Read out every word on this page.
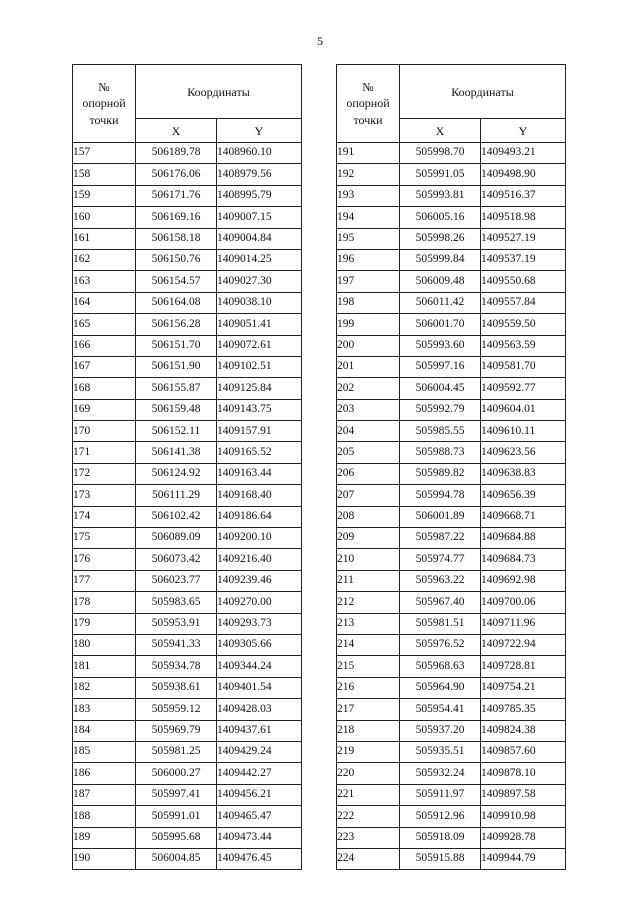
5
№
опорной
точки	Координаты	
	X	Y
157	506189.78	1408960.10
158	506176.06	1408979.56
159	506171.76	1408995.79
160	506169.16	1409007.15
161	506158.18	1409004.84
162	506150.76	1409014.25
163	506154.57	1409027.30
164	506164.08	1409038.10
165	506156.28	1409051.41
166	506151.70	1409072.61
167	506151.90	1409102.51
168	506155.87	1409125.84
169	506159.48	1409143.75
170	506152.11	1409157.91
171	506141.38	1409165.52
172	506124.92	1409163.44
173	506111.29	1409168.40
174	506102.42	1409186.64
175	506089.09	1409200.10
176	506073.42	1409216.40
177	506023.77	1409239.46
178	505983.65	1409270.00
179	505953.91	1409293.73
180	505941.33	1409305.66
181	505934.78	1409344.24
182	505938.61	1409401.54
183	505959.12	1409428.03
184	505969.79	1409437.61
185	505981.25	1409429.24
186	506000.27	1409442.27
187	505997.41	1409456.21
188	505991.01	1409465.47
189	505995.68	1409473.44
190	506004.85	1409476.45
№
опорной
точки	Координаты	
	X	Y
191	505998.70	1409493.21
192	505991.05	1409498.90
193	505993.81	1409516.37
194	506005.16	1409518.98
195	505998.26	1409527.19
196	505999.84	1409537.19
197	506009.48	1409550.68
198	506011.42	1409557.84
199	506001.70	1409559.50
200	505993.60	1409563.59
201	505997.16	1409581.70
202	506004.45	1409592.77
203	505992.79	1409604.01
204	505985.55	1409610.11
205	505988.73	1409623.56
206	505989.82	1409638.83
207	505994.78	1409656.39
208	506001.89	1409668.71
209	505987.22	1409684.88
210	505974.77	1409684.73
211	505963.22	1409692.98
212	505967.40	1409700.06
213	505981.51	1409711.96
214	505976.52	1409722.94
215	505968.63	1409728.81
216	505964.90	1409754.21
217	505954.41	1409785.35
218	505937.20	1409824.38
219	505935.51	1409857.60
220	505932.24	1409878.10
221	505911.97	1409897.58
222	505912.96	1409910.98
223	505918.09	1409928.78
224	505915.88	1409944.79
